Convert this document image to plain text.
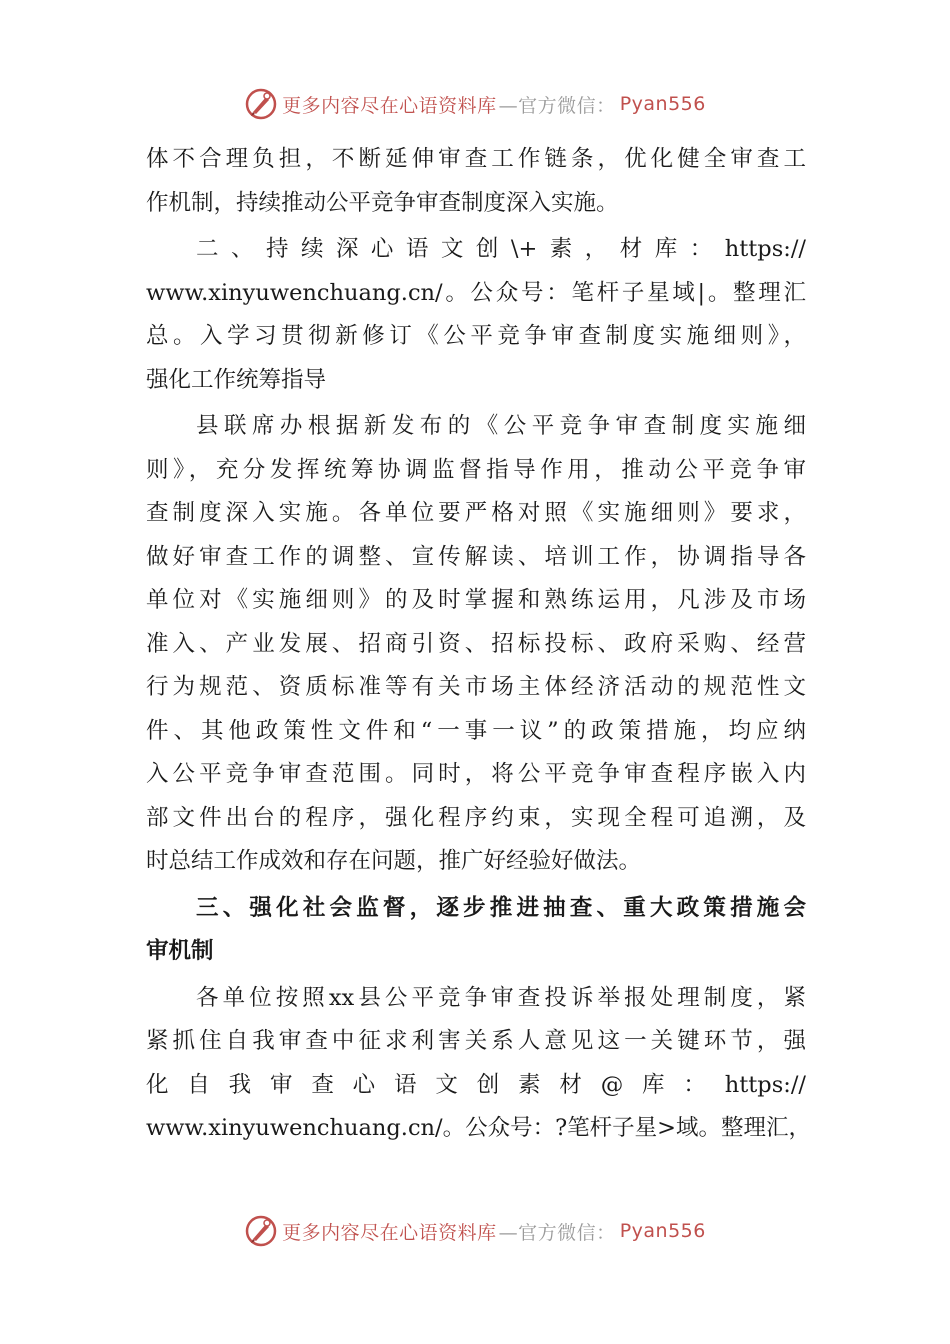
更多内容尽在心语资料库 —官方微信： Pyan556
体不合理负担，不断延伸审查工作链条，优化健全审查工
作机制，持续推动公平竞争审查制度深入实施。
二、持续深心语文创\+素，材库：https://
www.xinyuwenchuang.cn/。公众号：笔杆子星域|。整理汇
总。入学习贯彻新修订《公平竞争审查制度实施细则》，
强化工作统筹指导
县联席办根据新发布的《公平竞争审查制度实施细
则》，充分发挥统筹协调监督指导作用，推动公平竞争审
查制度深入实施。各单位要严格对照《实施细则》要求，
做好审查工作的调整、宣传解读、培训工作，协调指导各
单位对《实施细则》的及时掌握和熟练运用，凡涉及市场
准入、产业发展、招商引资、招标投标、政府采购、经营
行为规范、资质标准等有关市场主体经济活动的规范性文
件、其他政策性文件和“一事一议”的政策措施，均应纳
入公平竞争审查范围。同时，将公平竞争审查程序嵌入内
部文件出台的程序，强化程序约束，实现全程可追溯，及
时总结工作成效和存在问题，推广好经验好做法。
三、强化社会监督，逐步推进抽查、重大政策措施会
审机制
各单位按照xx县公平竞争审查投诉举报处理制度，紧
紧抓住自我审查中征求利害关系人意见这一关键环节，强
化自我审查心语文创素材@库：https://
www.xinyuwenchuang.cn/。公众号：?笔杆子星>域。整理汇，
更多内容尽在心语资料库 —官方微信： Pyan556
